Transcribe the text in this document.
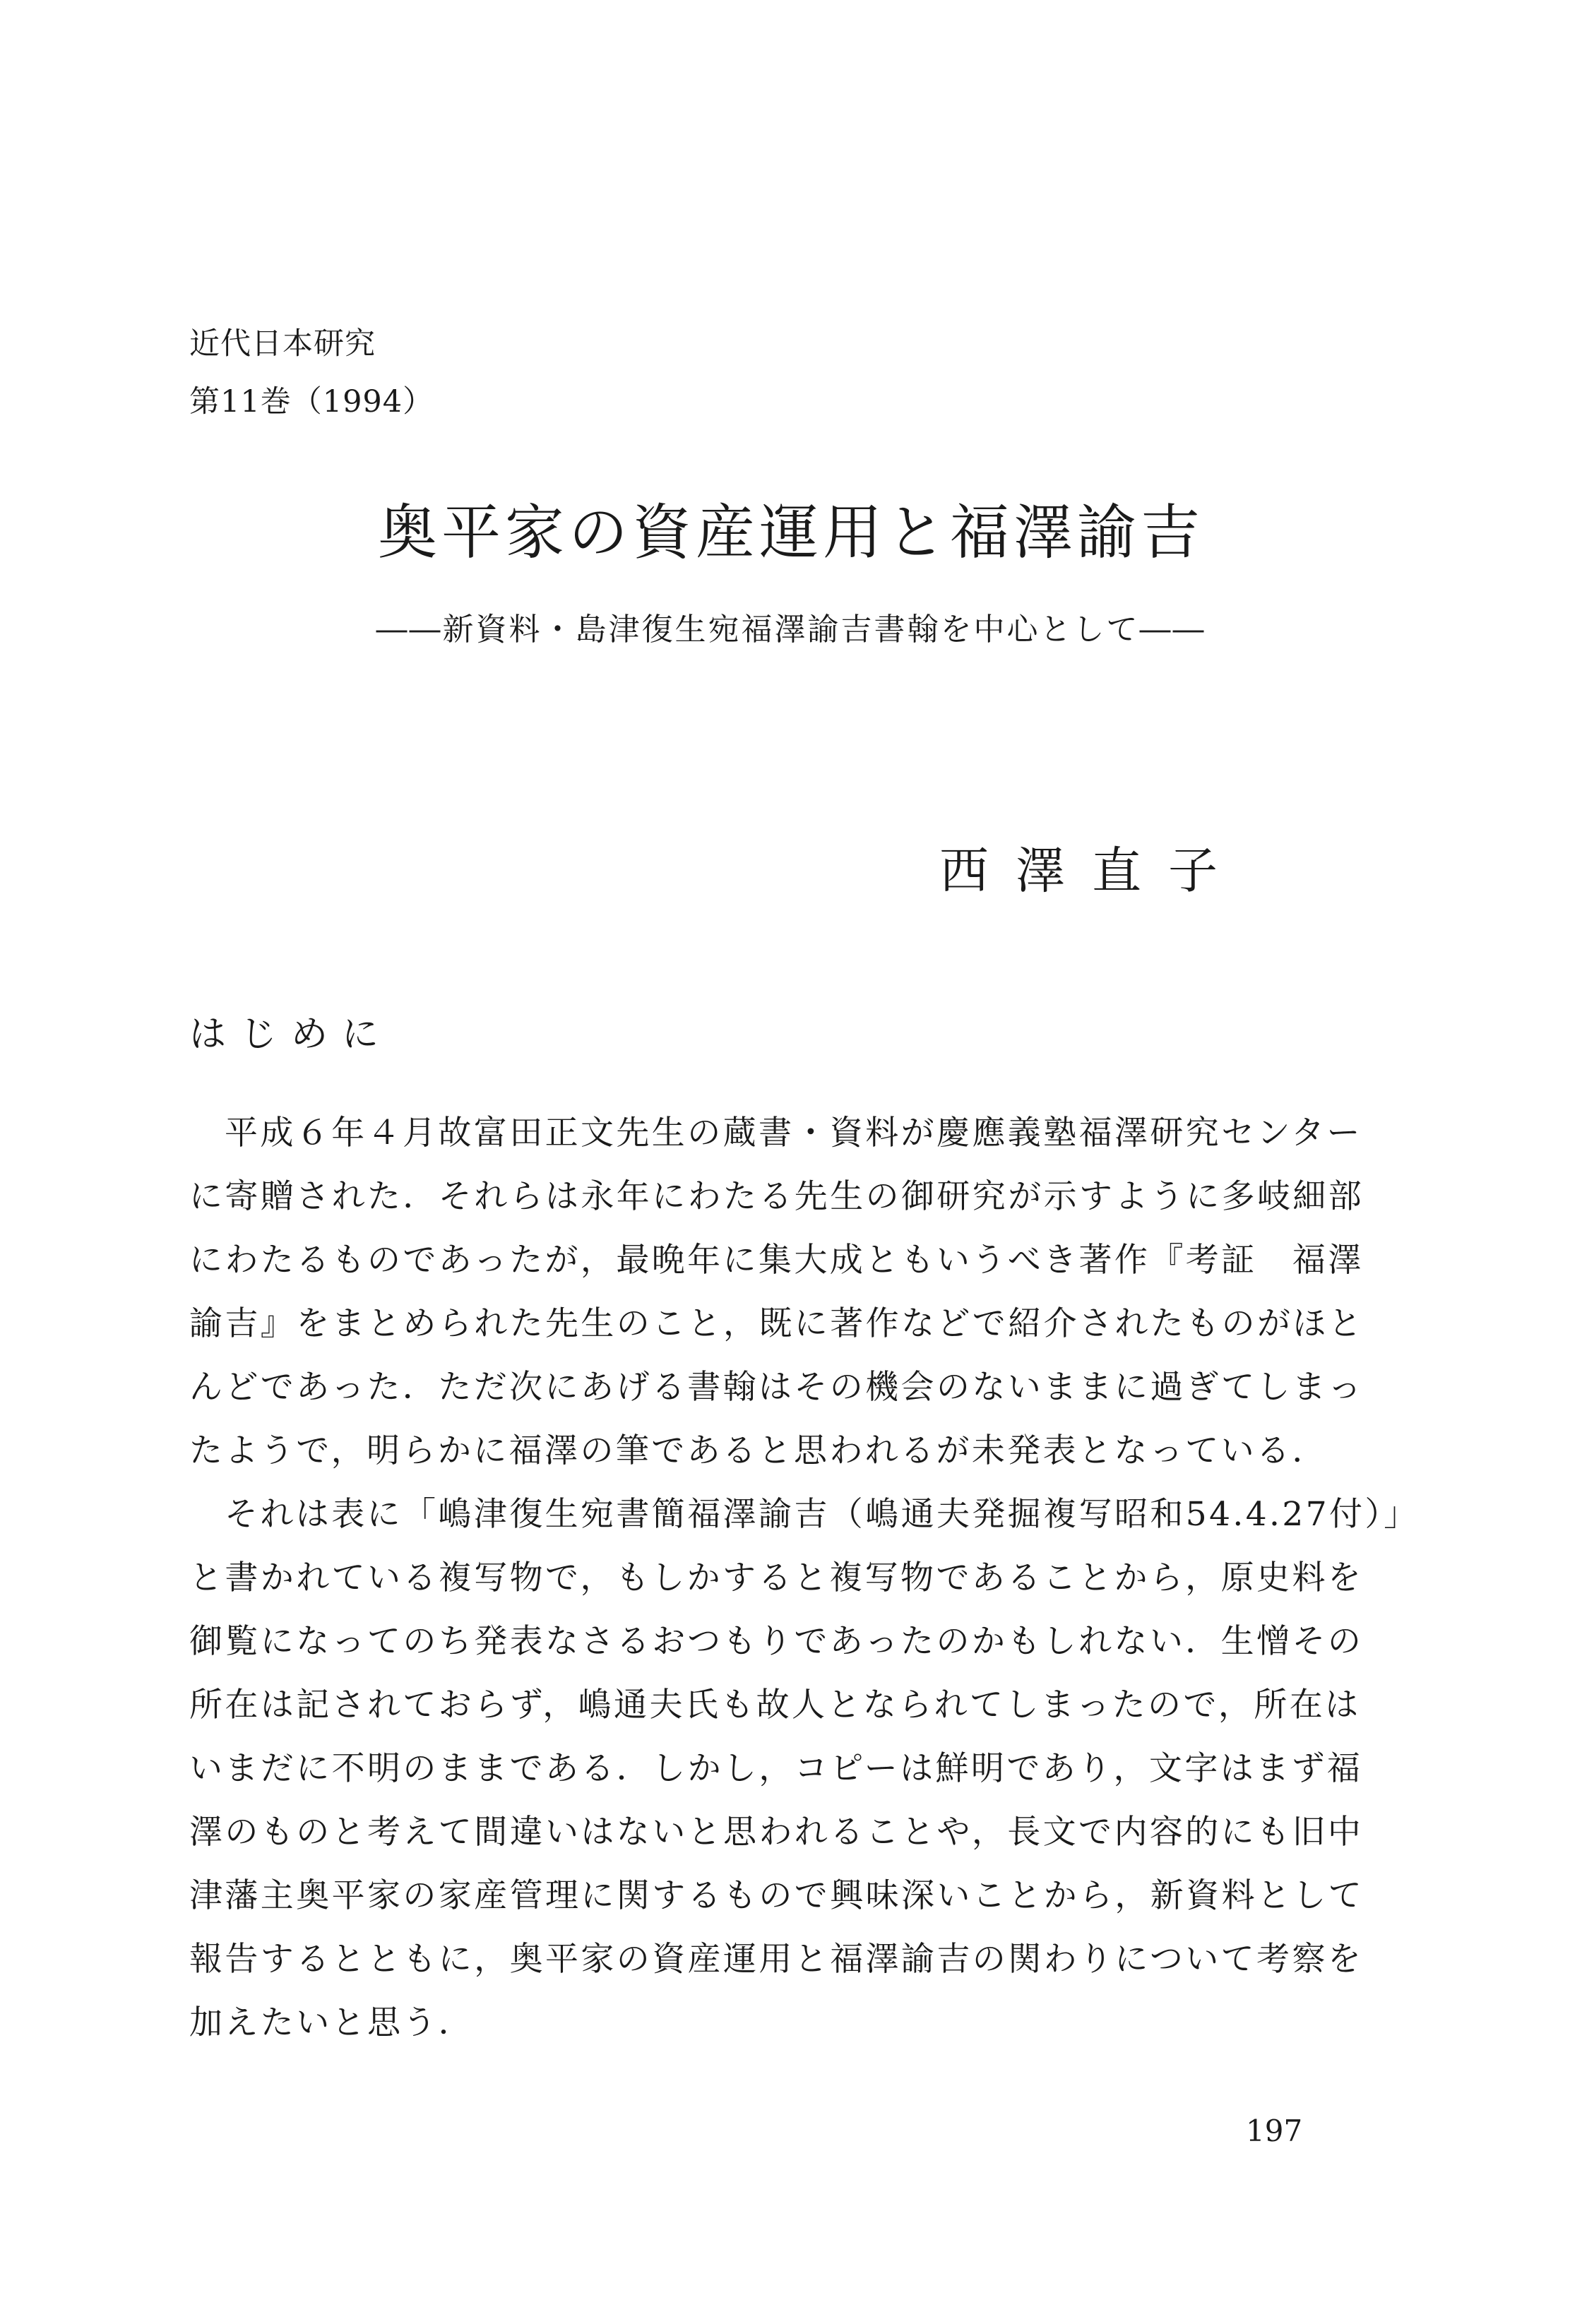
近代日本研究
第11巻（1994）
奥平家の資産運用と福澤諭吉
――新資料・島津復生宛福澤諭吉書翰を中心として――
西澤直子
はじめに
平成６年４月故富田正文先生の蔵書・資料が慶應義塾福澤研究センター
に寄贈された．それらは永年にわたる先生の御研究が示すように多岐細部
にわたるものであったが，最晩年に集大成ともいうべき著作『考証　福澤
諭吉』をまとめられた先生のこと，既に著作などで紹介されたものがほと
んどであった．ただ次にあげる書翰はその機会のないままに過ぎてしまっ
たようで，明らかに福澤の筆であると思われるが未発表となっている．
それは表に「嶋津復生宛書簡福澤諭吉（嶋通夫発掘複写昭和54.4.27付）」
と書かれている複写物で，もしかすると複写物であることから，原史料を
御覧になってのち発表なさるおつもりであったのかもしれない．生憎その
所在は記されておらず，嶋通夫氏も故人となられてしまったので，所在は
いまだに不明のままである．しかし，コピーは鮮明であり，文字はまず福
澤のものと考えて間違いはないと思われることや，長文で内容的にも旧中
津藩主奥平家の家産管理に関するもので興味深いことから，新資料として
報告するとともに，奥平家の資産運用と福澤諭吉の関わりについて考察を
加えたいと思う．
197
